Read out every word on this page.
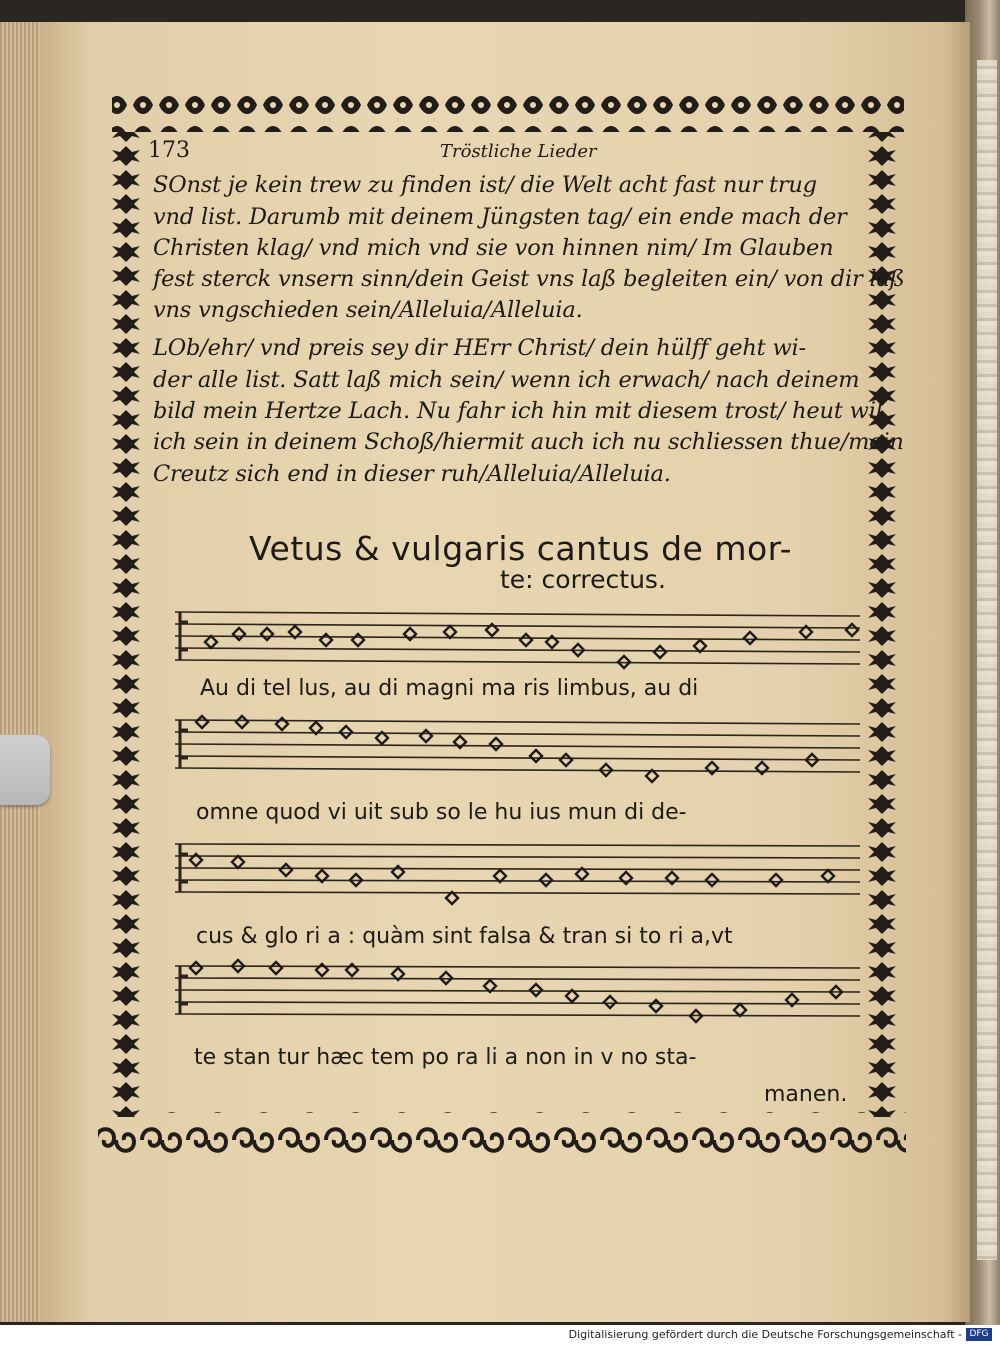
173	Tröstliche Lieder
SOnst je kein trew zu finden ist/ die Welt acht fast nur trug
vnd list. Darumb mit deinem Jüngsten tag/ ein ende mach der
Christen klag/ vnd mich vnd sie von hinnen nim/ Im Glauben
fest sterck vnsern sinn/dein Geist vns laß begleiten ein/ von dir laß
vns vngschieden sein/Alleluia/Alleluia.
LOb/ehr/ vnd preis sey dir HErr Christ/ dein hülff geht wi-
der alle list. Satt laß mich sein/ wenn ich erwach/ nach deinem
bild mein Hertze Lach. Nu fahr ich hin mit diesem trost/ heut wil
ich sein in deinem Schoß/hiermit auch ich nu schliessen thue/mein
Creutz sich end in dieser ruh/Alleluia/Alleluia.
Vetus & vulgaris cantus de mor-
te: correctus.
Au di tel lus, au di magni ma ris limbus, au di
omne quod vi uit sub so le hu ius mun di de-
cus & glo ri a : quàm sint falsa & tran si to ri a,vt
te stan tur hæc tem po ra li a non in v no sta-
manen.
Digitalisierung gefördert durch die Deutsche Forschungsgemeinschaft - DFG
